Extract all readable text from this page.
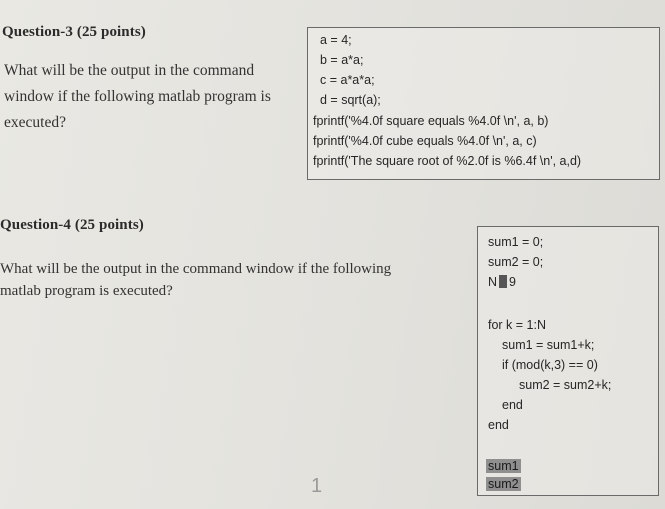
Question-3 (25 points)
What will be the output in the command
window if the following matlab program is
executed?
a = 4;
b = a*a;
c = a*a*a;
d = sqrt(a);
fprintf('%4.0f square equals %4.0f \n', a, b)
fprintf('%4.0f cube equals %4.0f \n', a, c)
fprintf('The square root of %2.0f is %6.4f \n', a,d)
Question-4 (25 points)
What will be the output in the command window if the following
matlab program is executed?
sum1 = 0;
sum2 = 0;
N 9
for k = 1:N
sum1 = sum1+k;
if (mod(k,3) == 0)
sum2 = sum2+k;
end
end
sum1
sum2
1
